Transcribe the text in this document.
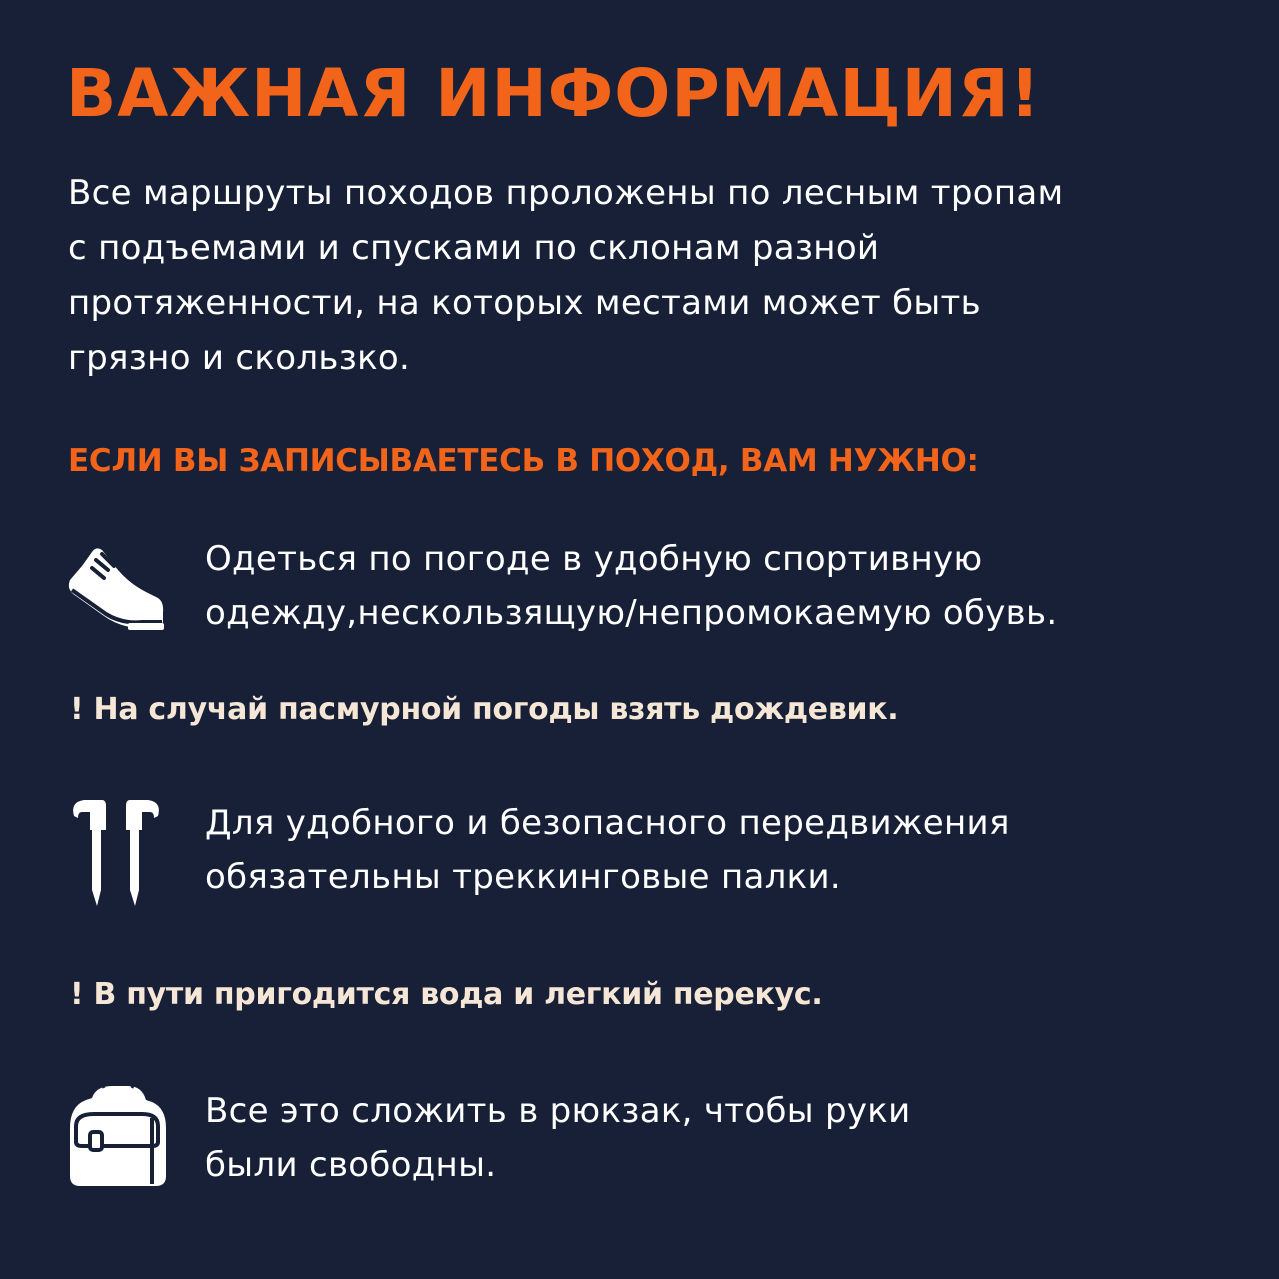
ВАЖНАЯ ИНФОРМАЦИЯ!
Все маршруты походов проложены по лесным тропам
с подъемами и спусками по склонам разной
протяженности, на которых местами может быть
грязно и скользко.
ЕСЛИ ВЫ ЗАПИСЫВАЕТЕСЬ В ПОХОД, ВАМ НУЖНО:
Одеться по погоде в удобную спортивную
одежду,нескользящую/непромокаемую обувь.

! На случай пасмурной погоды взять дождевик.

Для удобного и безопасного передвижения
обязательны треккинговые палки.

! В пути пригодится вода и легкий перекус.

Все это сложить в рюкзак, чтобы руки
были свободны.
